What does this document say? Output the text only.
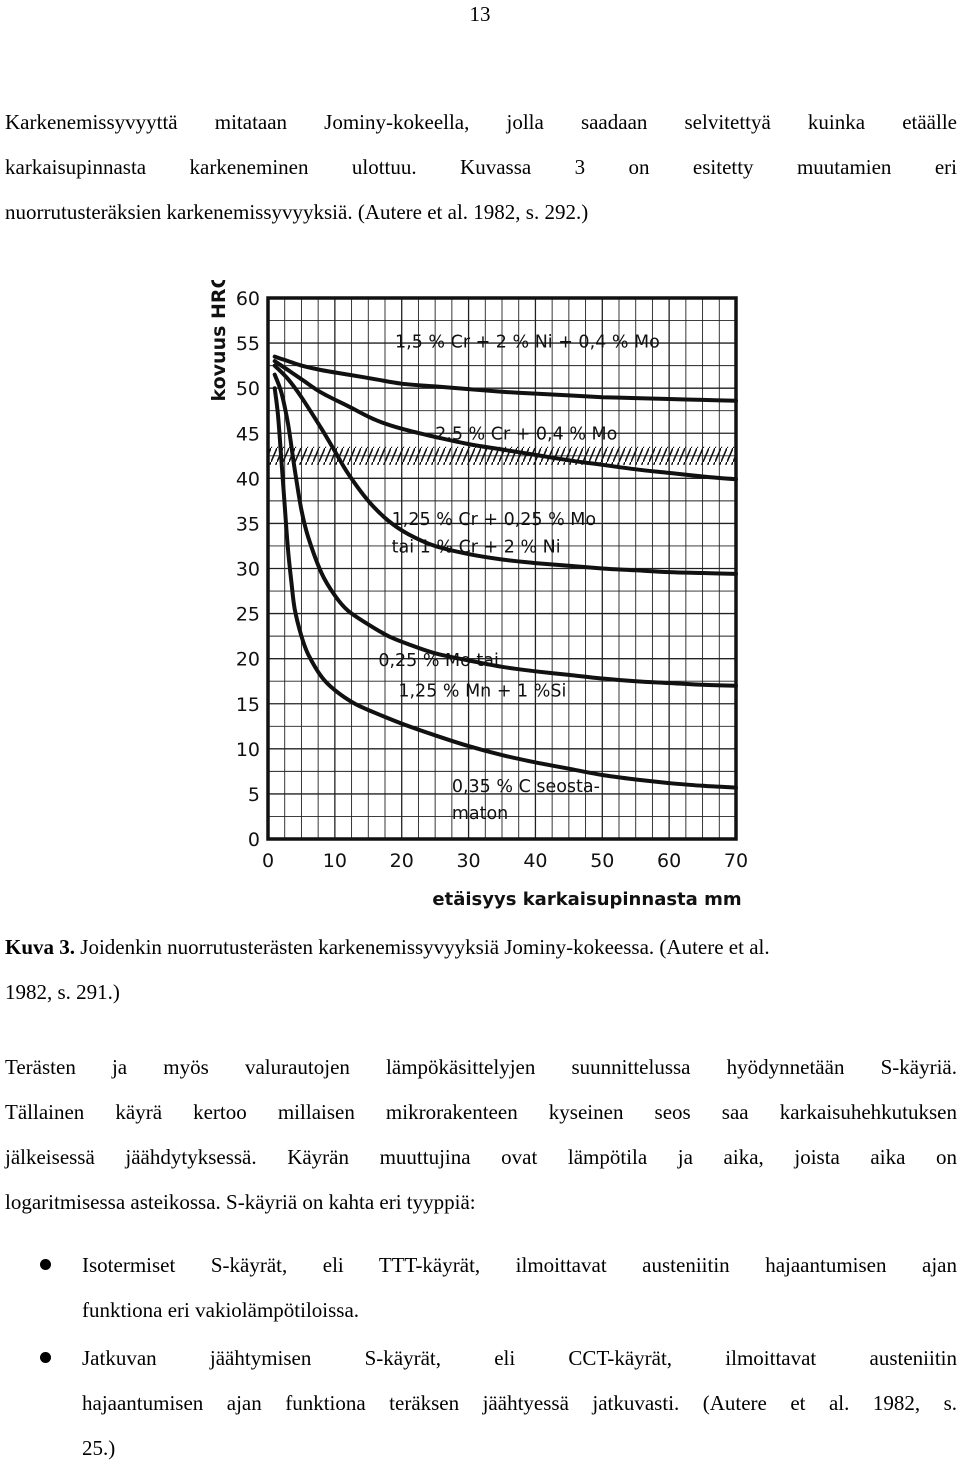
13
Karkenemissyvyyttä mitataan Jominy-kokeella, jolla saadaan selvitettyä kuinka etäälle
karkaisupinnasta karkeneminen ulottuu. Kuvassa 3 on esitetty muutamien eri
nuorrutusteräksien karkenemissyvyyksiä. (Autere et al. 1982, s. 292.)
0
5
10
15
20
25
30
35
40
45
50
55
60
0	10 20 30 40 50 60 70
1,5 % Cr + 2 % Ni + 0,4 % Mo
2,5 % Cr + 0,4 % Mo
1,25 % Cr + 0,25 % Mo
tai 1 % Cr + 2 % Ni
0,25 % Mo tai
1,25 % Mn + 1 %Si
0,35 % C seosta-
maton
kovuus HRC
etäisyys karkaisupinnasta mm
Kuva 3. Joidenkin nuorrutusterästen karkenemissyvyyksiä Jominy-kokeessa. (Autere et al.
1982, s. 291.)
Terästen ja myös valurautojen lämpökäsittelyjen suunnittelussa hyödynnetään S-käyriä.
Tällainen käyrä kertoo millaisen mikrorakenteen kyseinen seos saa karkaisuhehkutuksen
jälkeisessä jäähdytyksessä. Käyrän muuttujina ovat lämpötila ja aika, joista aika on
logaritmisessa asteikossa. S-käyriä on kahta eri tyyppiä:
Isotermiset S-käyrät, eli TTT-käyrät, ilmoittavat austeniitin hajaantumisen ajan
funktiona eri vakiolämpötiloissa.
Jatkuvan jäähtymisen S-käyrät, eli CCT-käyrät, ilmoittavat austeniitin
hajaantumisen ajan funktiona teräksen jäähtyessä jatkuvasti. (Autere et al. 1982, s.
25.)
